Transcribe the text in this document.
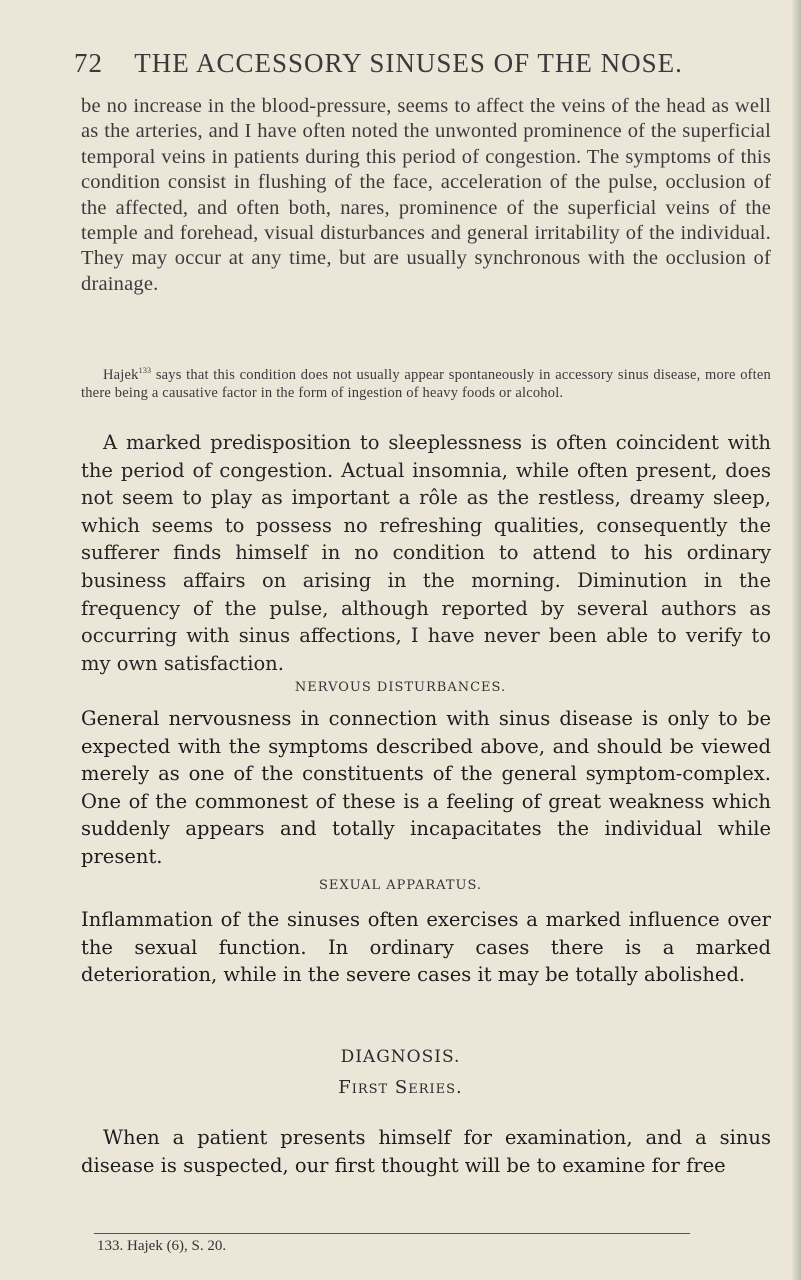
72 THE ACCESSORY SINUSES OF THE NOSE.

be no increase in the blood-pressure, seems to affect the veins of the head as well as the arteries, and I have often noted the unwonted prominence of the superficial temporal veins in patients during this period of congestion. The symptoms of this condition consist in flushing of the face, acceleration of the pulse, occlusion of the affected, and often both, nares, prominence of the superficial veins of the temple and forehead, visual disturbances and general irritability of the individual. They may occur at any time, but are usually synchronous with the occlusion of drainage.

Hajek$^{133}$ says that this condition does not usually appear spontaneously in accessory sinus disease, more often there being a causative factor in the form of ingestion of heavy foods or alcohol.

A marked predisposition to sleeplessness is often coincident with the period of congestion. Actual insomnia, while often present, does not seem to play as important a rôle as the restless, dreamy sleep, which seems to possess no refreshing qualities, consequently the sufferer finds himself in no condition to attend to his ordinary business affairs on arising in the morning. Diminution in the frequency of the pulse, although reported by several authors as occurring with sinus affections, I have never been able to verify to my own satisfaction.

NERVOUS DISTURBANCES.

General nervousness in connection with sinus disease is only to be expected with the symptoms described above, and should be viewed merely as one of the constituents of the general symptom-complex. One of the commonest of these is a feeling of great weakness which suddenly appears and totally incapacitates the individual while present.

SEXUAL APPARATUS.

Inflammation of the sinuses often exercises a marked influence over the sexual function. In ordinary cases there is a marked deterioration, while in the severe cases it may be totally abolished.

DIAGNOSIS.
First Series.

When a patient presents himself for examination, and a sinus disease is suspected, our first thought will be to examine for free

133. Hajek (6), S. 20.
